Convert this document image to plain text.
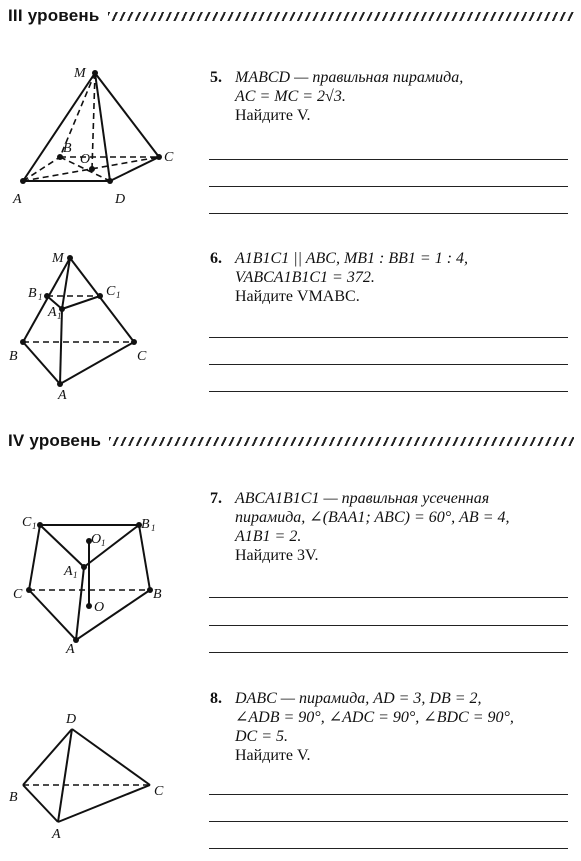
III уровень
M
B
O	C
A	D
5. MABCD — правильная пирамида,
AC = MC = 2√3.
Найдите V.
M
B 1	C 1
A 1
B	C
A
6. A1B1C1 || ABC, MB1 : BB1 = 1 : 4,
VABCA1B1C1 = 372.
Найдите VMABC.
IV уровень
C 1	B 1
O 1
A 1
C	B
O
A
7. ABCA1B1C1 — правильная усеченная
пирамида, ∠(BAA1; ABC) = 60°, AB = 4,
A1B1 = 2.
Найдите 3V.
D
B	C
A
8. DABC — пирамида, AD = 3, DB = 2,
∠ADB = 90°, ∠ADC = 90°, ∠BDC = 90°,
DC = 5.
Найдите V.
